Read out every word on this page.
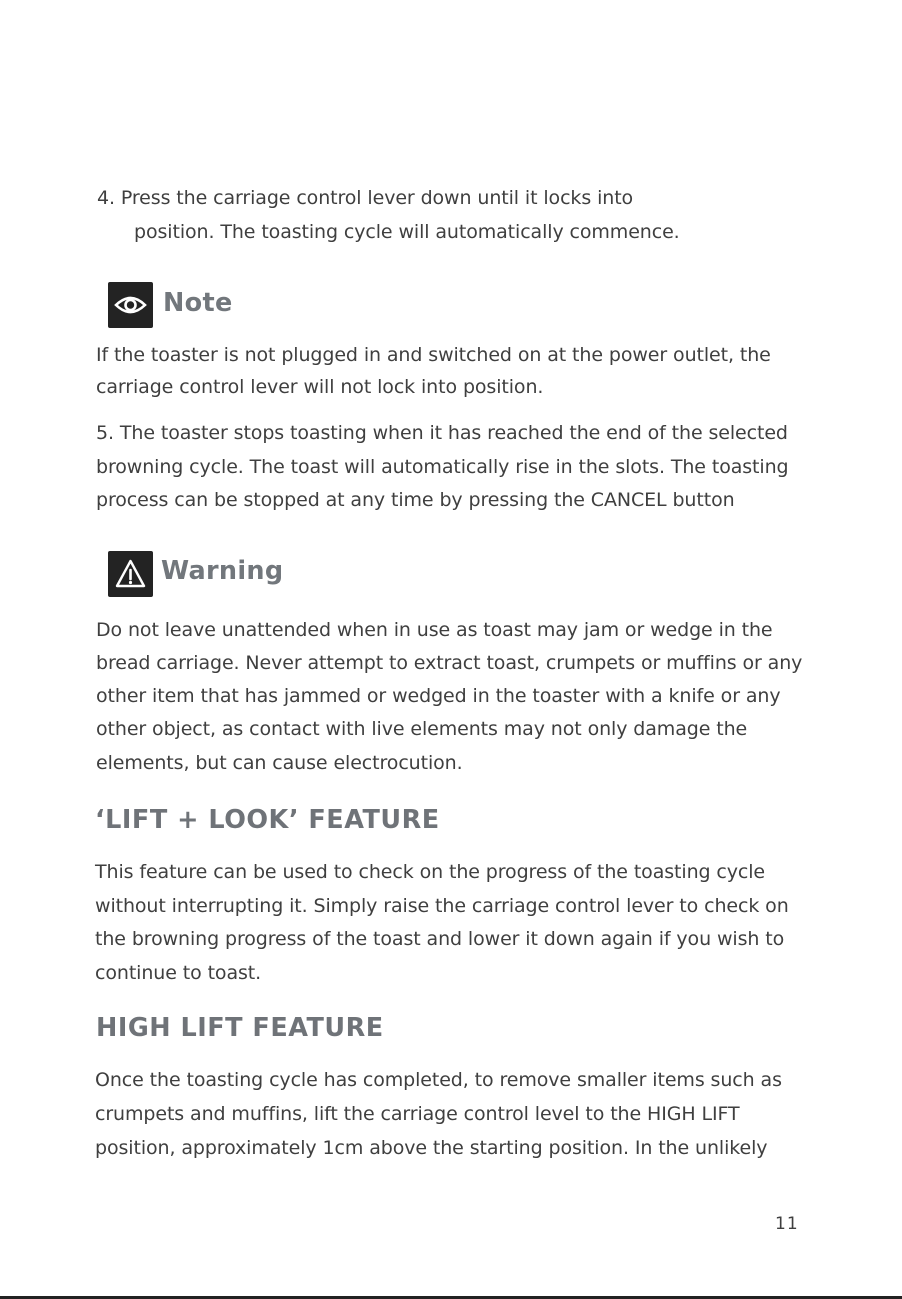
4. Press the carriage control lever down until it locks into
position. The toasting cycle will automatically commence.
Note
If the toaster is not plugged in and switched on at the power outlet, the
carriage control lever will not lock into position.
5. The toaster stops toasting when it has reached the end of the selected
browning cycle. The toast will automatically rise in the slots. The toasting
process can be stopped at any time by pressing the CANCEL button
Warning
Do not leave unattended when in use as toast may jam or wedge in the
bread carriage. Never attempt to extract toast, crumpets or muffins or any
other item that has jammed or wedged in the toaster with a knife or any
other object, as contact with live elements may not only damage the
elements, but can cause electrocution.
‘LIFT + LOOK’ FEATURE
This feature can be used to check on the progress of the toasting cycle
without interrupting it. Simply raise the carriage control lever to check on
the browning progress of the toast and lower it down again if you wish to
continue to toast.
HIGH LIFT FEATURE
Once the toasting cycle has completed, to remove smaller items such as
crumpets and muffins, lift the carriage control level to the HIGH LIFT
position, approximately 1cm above the starting position. In the unlikely
11
